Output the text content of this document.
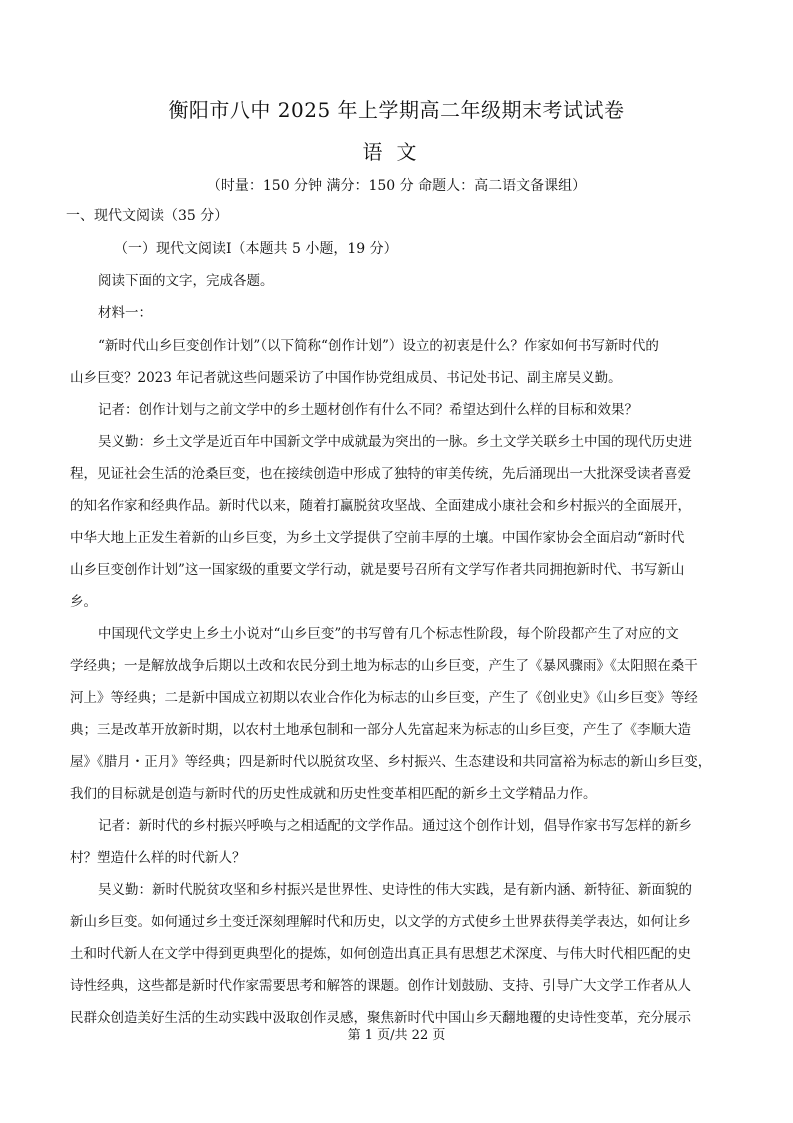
衡阳市八中 2025 年上学期高二年级期末考试试卷
语文
（时量：150 分钟 满分：150 分 命题人：高二语文备课组）
一、现代文阅读（35 分）
（一）现代文阅读Ⅰ（本题共 5 小题，19 分）
阅读下面的文字，完成各题。
材料一：
“新时代山乡巨变创作计划”（以下简称“创作计划”）设立的初衷是什么？作家如何书写新时代的
山乡巨变？2023 年记者就这些问题采访了中国作协党组成员、书记处书记、副主席吴义勤。
记者：创作计划与之前文学中的乡土题材创作有什么不同？希望达到什么样的目标和效果？
吴义勤：乡土文学是近百年中国新文学中成就最为突出的一脉。乡土文学关联乡土中国的现代历史进
程，见证社会生活的沧桑巨变，也在接续创造中形成了独特的审美传统，先后涌现出一大批深受读者喜爱
的知名作家和经典作品。新时代以来，随着打赢脱贫攻坚战、全面建成小康社会和乡村振兴的全面展开，
中华大地上正发生着新的山乡巨变，为乡土文学提供了空前丰厚的土壤。中国作家协会全面启动“新时代
山乡巨变创作计划”这一国家级的重要文学行动，就是要号召所有文学写作者共同拥抱新时代、书写新山
乡。
中国现代文学史上乡土小说对“山乡巨变”的书写曾有几个标志性阶段，每个阶段都产生了对应的文
学经典；一是解放战争后期以土改和农民分到土地为标志的山乡巨变，产生了《暴风骤雨》《太阳照在桑干
河上》等经典；二是新中国成立初期以农业合作化为标志的山乡巨变，产生了《创业史》《山乡巨变》等经
典；三是改革开放新时期，以农村土地承包制和一部分人先富起来为标志的山乡巨变，产生了《李顺大造
屋》《腊月・正月》等经典；四是新时代以脱贫攻坚、乡村振兴、生态建设和共同富裕为标志的新山乡巨变，
我们的目标就是创造与新时代的历史性成就和历史性变革相匹配的新乡土文学精品力作。
记者：新时代的乡村振兴呼唤与之相适配的文学作品。通过这个创作计划，倡导作家书写怎样的新乡
村？塑造什么样的时代新人？
吴义勤：新时代脱贫攻坚和乡村振兴是世界性、史诗性的伟大实践，是有新内涵、新特征、新面貌的
新山乡巨变。如何通过乡土变迁深刻理解时代和历史，以文学的方式使乡土世界获得美学表达，如何让乡
土和时代新人在文学中得到更典型化的提炼，如何创造出真正具有思想艺术深度、与伟大时代相匹配的史
诗性经典，这些都是新时代作家需要思考和解答的课题。创作计划鼓励、支持、引导广大文学工作者从人
民群众创造美好生活的生动实践中汲取创作灵感，聚焦新时代中国山乡天翻地覆的史诗性变革，充分展示
第 1 页/共 22 页
